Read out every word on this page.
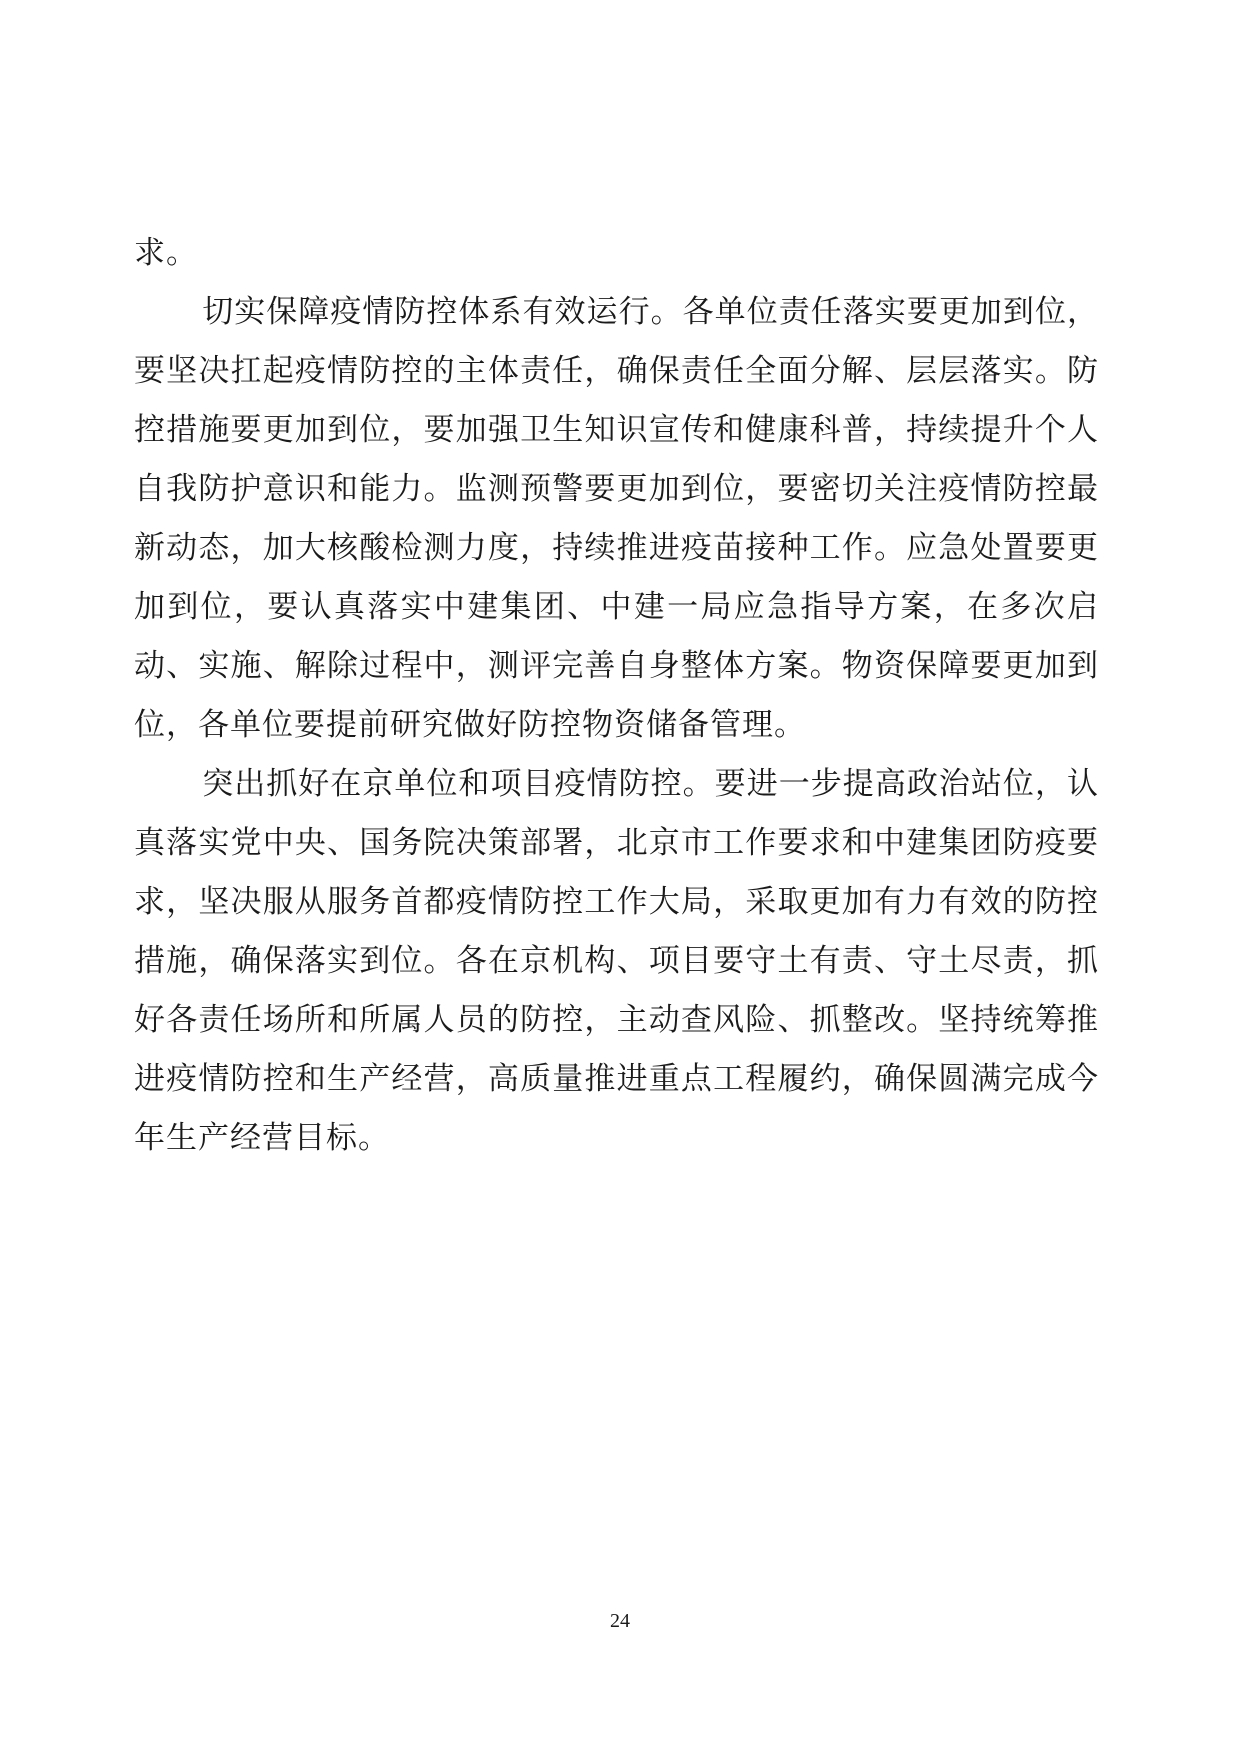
求。

切实保障疫情防控体系有效运行。各单位责任落实要更加到位，要坚决扛起疫情防控的主体责任，确保责任全面分解、层层落实。防控措施要更加到位，要加强卫生知识宣传和健康科普，持续提升个人自我防护意识和能力。监测预警要更加到位，要密切关注疫情防控最新动态，加大核酸检测力度，持续推进疫苗接种工作。应急处置要更加到位，要认真落实中建集团、中建一局应急指导方案，在多次启动、实施、解除过程中，测评完善自身整体方案。物资保障要更加到位，各单位要提前研究做好防控物资储备管理。

突出抓好在京单位和项目疫情防控。要进一步提高政治站位，认真落实党中央、国务院决策部署，北京市工作要求和中建集团防疫要求，坚决服从服务首都疫情防控工作大局，采取更加有力有效的防控措施，确保落实到位。各在京机构、项目要守土有责、守土尽责，抓好各责任场所和所属人员的防控，主动查风险、抓整改。坚持统筹推进疫情防控和生产经营，高质量推进重点工程履约，确保圆满完成今年生产经营目标。

24
